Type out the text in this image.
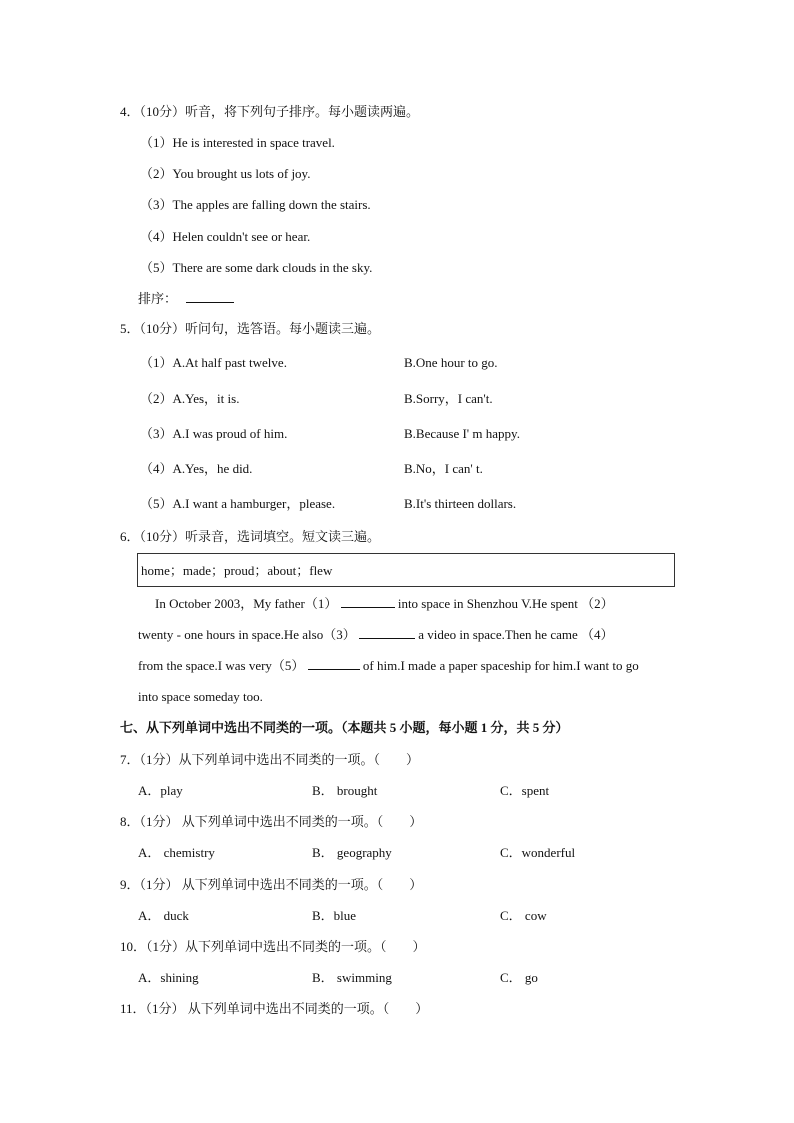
4．（10分）听音，将下列句子排序。每小题读两遍。
（1）He is interested in space travel.
（2）You brought us lots of joy.
（3）The apples are falling down the stairs.
（4）Helen couldn't see or hear.
（5）There are some dark clouds in the sky.
排序：
5．（10分）听问句，选答语。每小题读三遍。
（1）A.At half past twelve.	B.One hour to go.
（2）A.Yes，it is.	B.Sorry，I can't.
（3）A.I was proud of him.	B.Because I' m happy.
（4）A.Yes，he did.	B.No，I can' t.
（5）A.I want a hamburger，please.	B.It's thirteen dollars.
6．（10分）听录音，选词填空。短文读三遍。
home；made；proud；about；flew
In October 2003，My father（1）	into space in Shenzhou V.He spent （2）
twenty - one hours in space.He also（3）	a video in space.Then he came （4）
from the space.I was very（5）	of him.I made a paper spaceship for him.I want to go
into space someday too.
七、从下列单词中选出不同类的一项。（本题共 5 小题，每小题 1 分，共 5 分）
7．（1分）从下列单词中选出不同类的一项。（　　）
A．play	B． brought	C．spent
8．（1分） 从下列单词中选出不同类的一项。（　　）
A． chemistry	B． geography	C．wonderful
9．（1分） 从下列单词中选出不同类的一项。（　　）
A． duck	B．blue	C． cow
10．（1分）从下列单词中选出不同类的一项。（　　）
A．shining	B． swimming	C． go
11．（1分） 从下列单词中选出不同类的一项。（　　）
